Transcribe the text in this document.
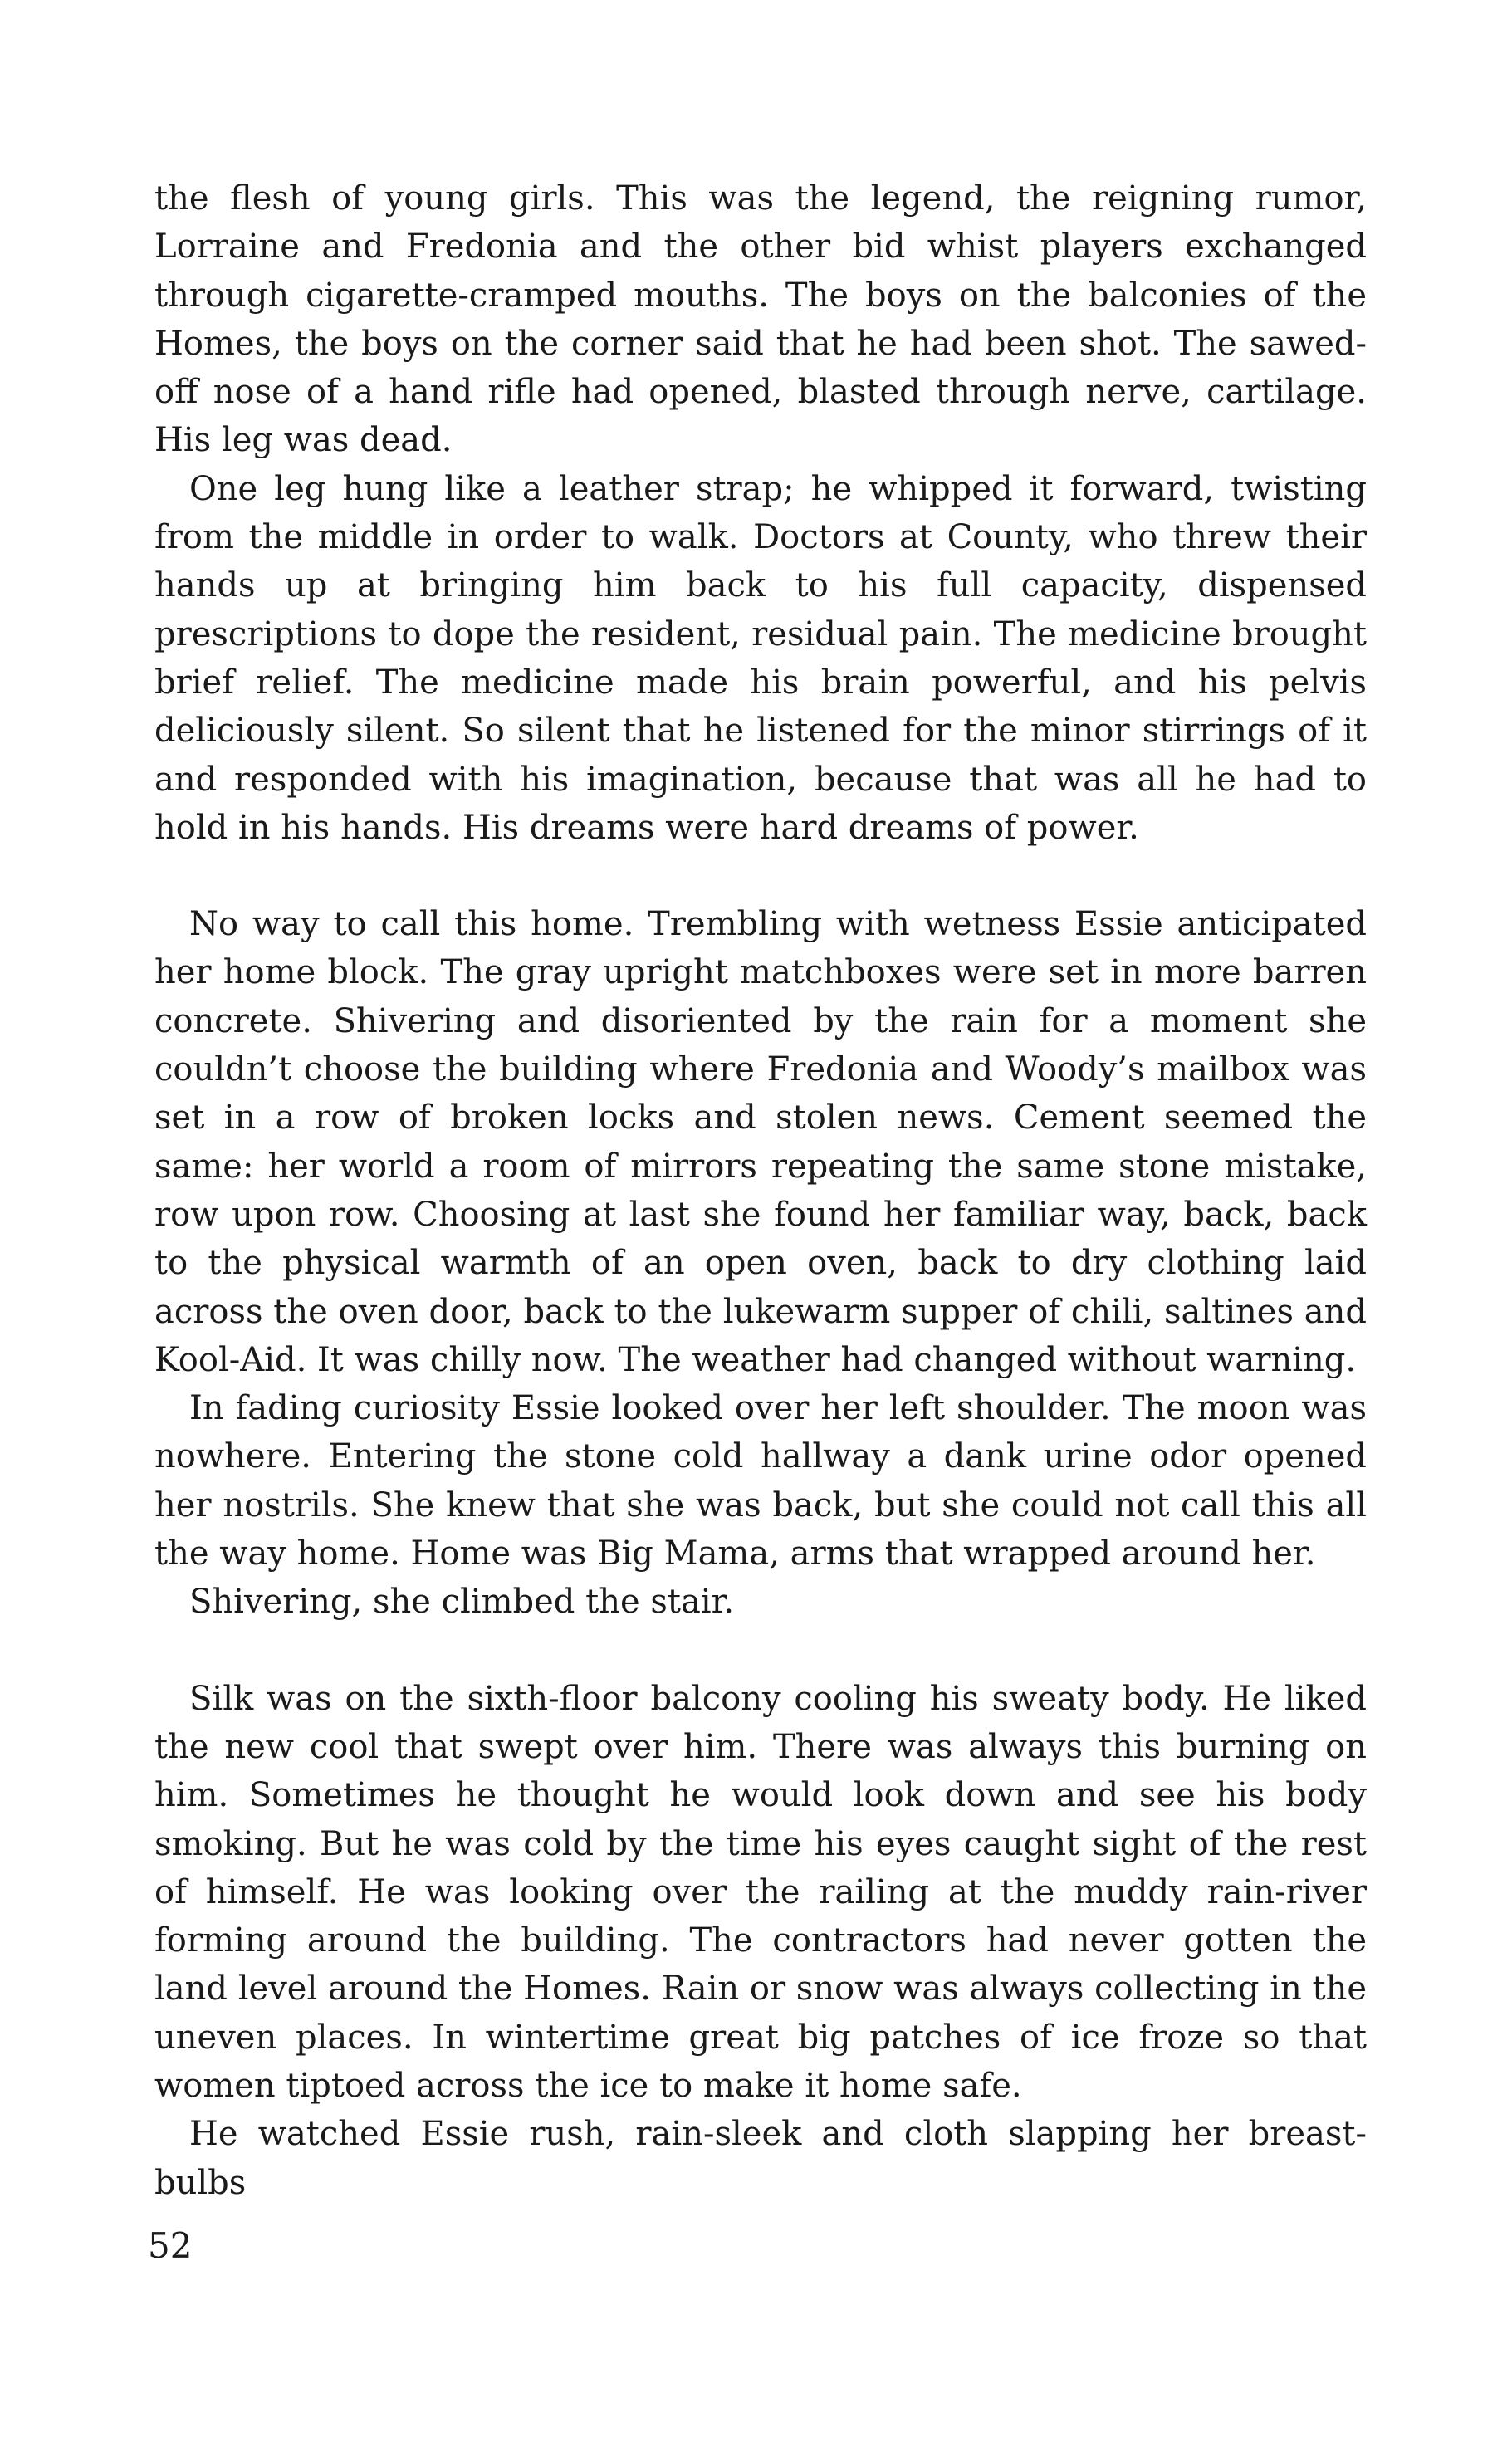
the flesh of young girls. This was the legend, the reigning rumor, Lorraine and Fredonia and the other bid whist players exchanged through cigarette-cramped mouths. The boys on the balconies of the Homes, the boys on the corner said that he had been shot. The sawed-off nose of a hand rifle had opened, blasted through nerve, cartilage. His leg was dead.

One leg hung like a leather strap; he whipped it forward, twisting from the middle in order to walk. Doctors at County, who threw their hands up at bringing him back to his full capacity, dispensed prescriptions to dope the resident, residual pain. The medicine brought brief relief. The medicine made his brain powerful, and his pelvis deliciously silent. So silent that he listened for the minor stirrings of it and responded with his imagination, because that was all he had to hold in his hands. His dreams were hard dreams of power.

No way to call this home. Trembling with wetness Essie anticipated her home block. The gray upright matchboxes were set in more barren concrete. Shivering and disoriented by the rain for a moment she couldn’t choose the building where Fredonia and Woody’s mailbox was set in a row of broken locks and stolen news. Cement seemed the same: her world a room of mirrors repeating the same stone mistake, row upon row. Choosing at last she found her familiar way, back, back to the physical warmth of an open oven, back to dry clothing laid across the oven door, back to the lukewarm supper of chili, saltines and Kool-Aid. It was chilly now. The weather had changed without warning.

In fading curiosity Essie looked over her left shoulder. The moon was nowhere. Entering the stone cold hallway a dank urine odor opened her nostrils. She knew that she was back, but she could not call this all the way home. Home was Big Mama, arms that wrapped around her.

Shivering, she climbed the stair.

Silk was on the sixth-floor balcony cooling his sweaty body. He liked the new cool that swept over him. There was always this burning on him. Sometimes he thought he would look down and see his body smoking. But he was cold by the time his eyes caught sight of the rest of himself. He was looking over the railing at the muddy rain-river forming around the building. The contractors had never gotten the land level around the Homes. Rain or snow was always collecting in the uneven places. In wintertime great big patches of ice froze so that women tiptoed across the ice to make it home safe.

He watched Essie rush, rain-sleek and cloth slapping her breast-bulbs

52
